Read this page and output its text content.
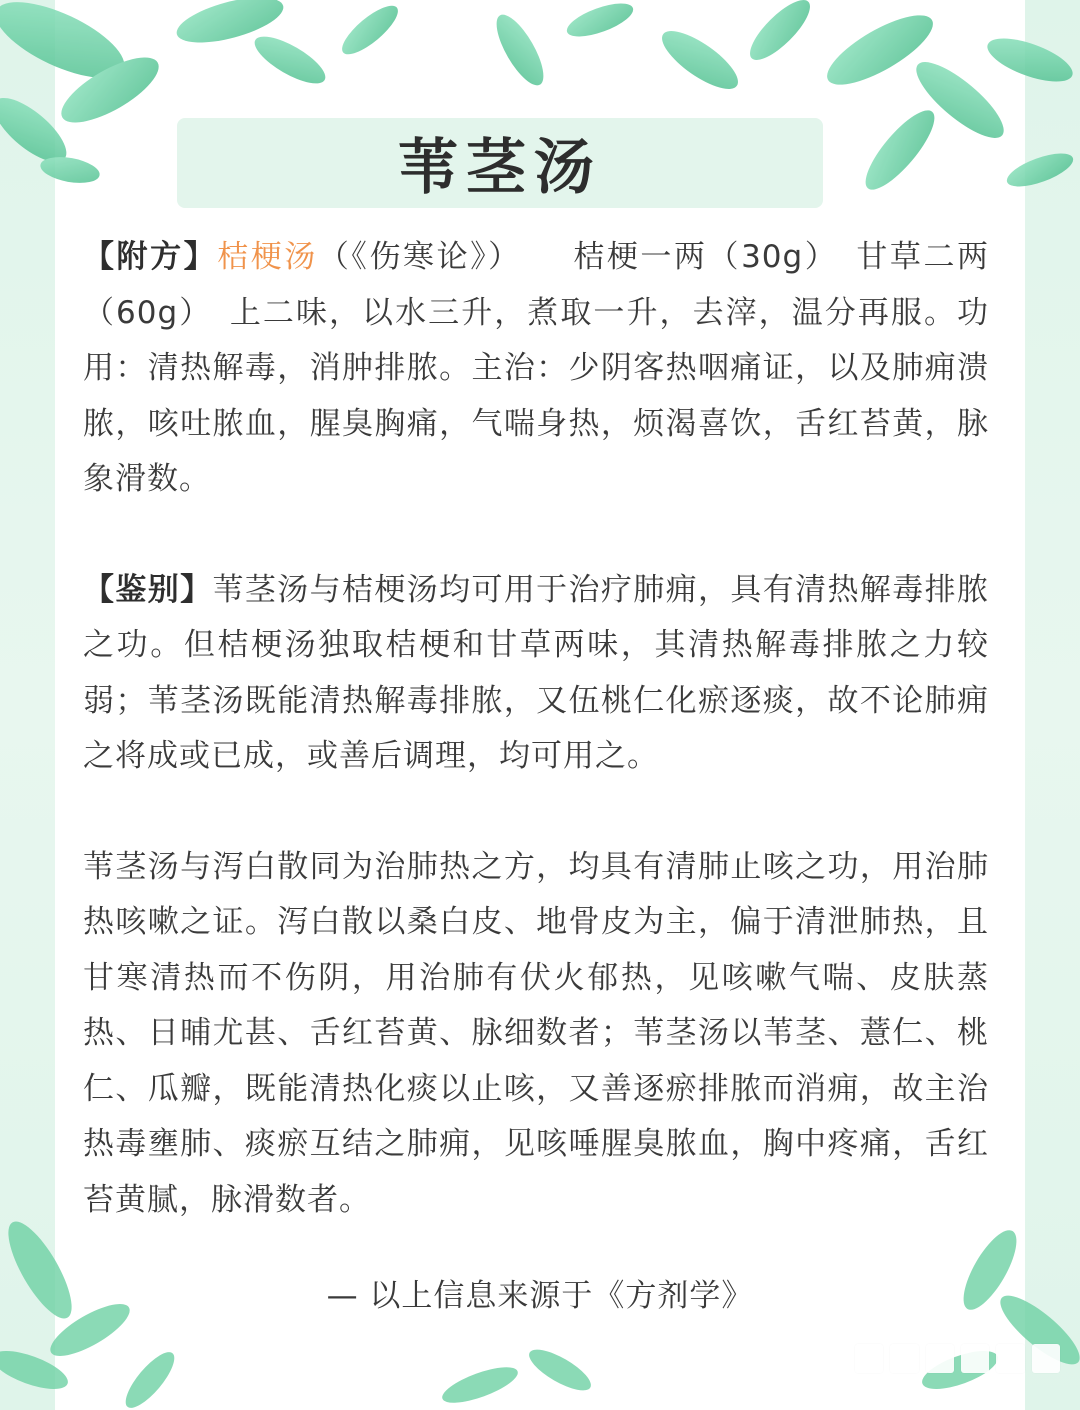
苇茎汤

【附方】桔梗汤（《伤寒论》）　　桔梗一两（30g）　甘草二两（60g）　上二味，以水三升，煮取一升，去滓，温分再服。功用：清热解毒，消肿排脓。主治：少阴客热咽痛证，以及肺痈溃脓，咳吐脓血，腥臭胸痛，气喘身热，烦渴喜饮，舌红苔黄，脉象滑数。

【鉴别】苇茎汤与桔梗汤均可用于治疗肺痈，具有清热解毒排脓之功。但桔梗汤独取桔梗和甘草两味，其清热解毒排脓之力较弱；苇茎汤既能清热解毒排脓，又伍桃仁化瘀逐痰，故不论肺痈之将成或已成，或善后调理，均可用之。

苇茎汤与泻白散同为治肺热之方，均具有清肺止咳之功，用治肺热咳嗽之证。泻白散以桑白皮、地骨皮为主，偏于清泄肺热，且甘寒清热而不伤阴，用治肺有伏火郁热，见咳嗽气喘、皮肤蒸热、日晡尤甚、舌红苔黄、脉细数者；苇茎汤以苇茎、薏仁、桃仁、瓜瓣，既能清热化痰以止咳，又善逐瘀排脓而消痈，故主治热毒壅肺、痰瘀互结之肺痈，见咳唾腥臭脓血，胸中疼痛，舌红苔黄腻，脉滑数者。

— 以上信息来源于《方剂学》
